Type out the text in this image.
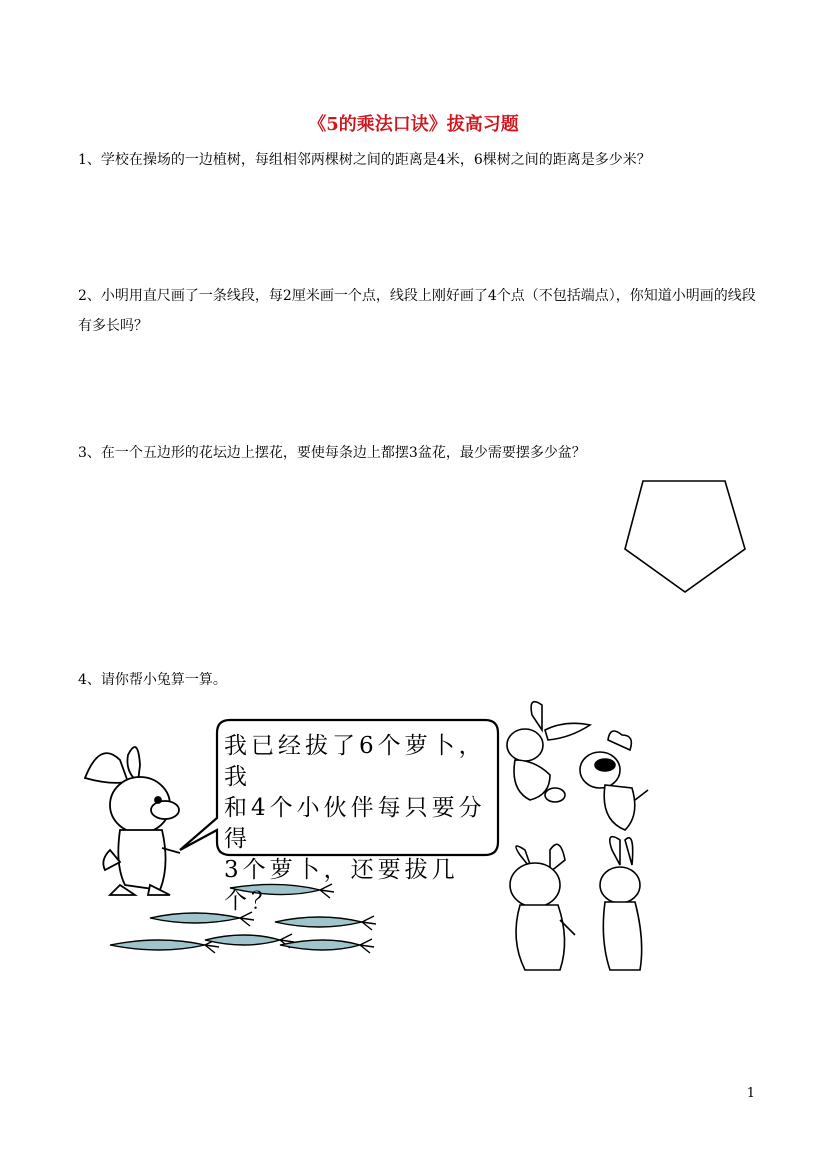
《5的乘法口诀》拔高习题
1、学校在操场的一边植树，每组相邻两棵树之间的距离是4米，6棵树之间的距离是多少米？
2、小明用直尺画了一条线段，每2厘米画一个点，线段上刚好画了4个点（不包括端点），你知道小明画的线段有多长吗？
3、在一个五边形的花坛边上摆花，要使每条边上都摆3盆花，最少需要摆多少盆？
4、请你帮小兔算一算。
我已经拔了6个萝卜，我
和4个小伙伴每只要分得
3个萝卜，还要拔几个？
1
